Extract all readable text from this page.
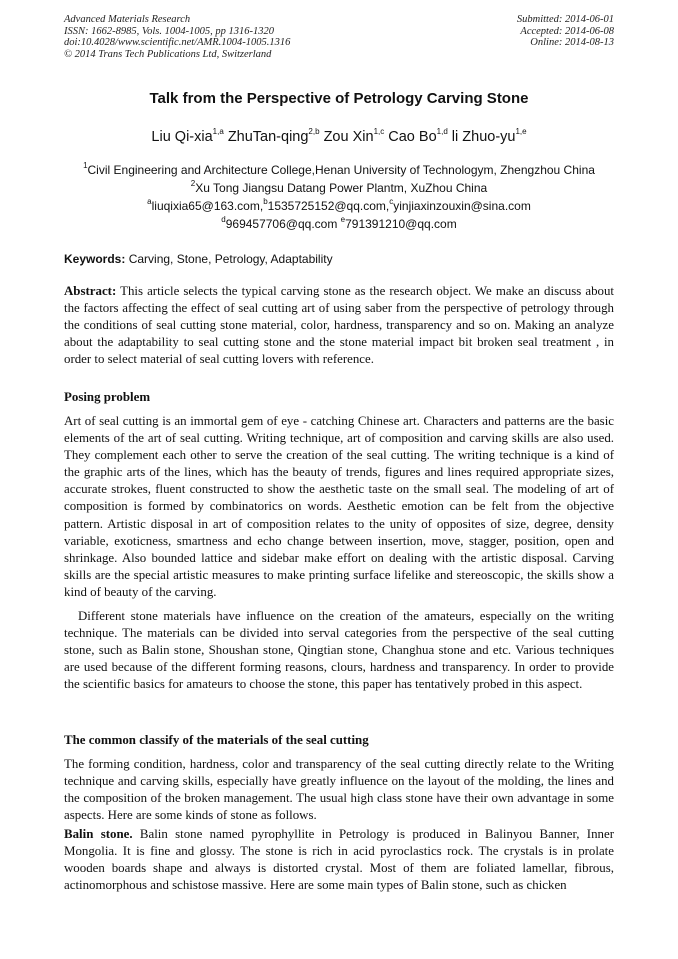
Advanced Materials Research
ISSN: 1662-8985, Vols. 1004-1005, pp 1316-1320
doi:10.4028/www.scientific.net/AMR.1004-1005.1316
© 2014 Trans Tech Publications Ltd, Switzerland
Submitted: 2014-06-01
Accepted: 2014-06-08
Online: 2014-08-13
Talk from the Perspective of Petrology Carving Stone
Liu Qi-xia$^{1,a}$ ZhuTan-qing$^{2,b}$ Zou Xin$^{1,c}$ Cao Bo$^{1,d}$ li Zhuo-yu$^{1,e}$
$^1$Civil Engineering and Architecture College,Henan University of Technologym, Zhengzhou China
$^2$Xu Tong Jiangsu Datang Power Plantm, XuZhou China
$^a$liuqixia65@163.com,$^b$1535725152@qq.com,$^c$yinjiaxinzouxin@sina.com
$^d$969457706@qq.com $^e$791391210@qq.com
Keywords: Carving, Stone, Petrology, Adaptability

Abstract: This article selects the typical carving stone as the research object. We make an discuss about the factors affecting the effect of seal cutting art of using saber from the perspective of petrology through the conditions of seal cutting stone material, color, hardness, transparency and so on. Making an analyze about the adaptability to seal cutting stone and the stone material impact bit broken seal treatment , in order to select material of seal cutting lovers with reference.

Posing problem

Art of seal cutting is an immortal gem of eye - catching Chinese art. Characters and patterns are the basic elements of the art of seal cutting. Writing technique, art of composition and carving skills are also used. They complement each other to serve the creation of the seal cutting. The writing technique is a kind of the graphic arts of the lines, which has the beauty of trends, figures and lines required appropriate sizes, accurate strokes, fluent constructed to show the aesthetic taste on the small seal. The modeling of art of composition is formed by combinatorics on words. Aesthetic emotion can be felt from the objective pattern. Artistic disposal in art of composition relates to the unity of opposites of size, degree, density variable, exoticness, smartness and echo change between insertion, move, stagger, position, open and shrinkage. Also bounded lattice and sidebar make effort on dealing with the artistic disposal. Carving skills are the special artistic measures to make printing surface lifelike and stereoscopic, the skills show a kind of beauty of the carving.

Different stone materials have influence on the creation of the amateurs, especially on the writing technique. The materials can be divided into serval categories from the perspective of the seal cutting stone, such as Balin stone, Shoushan stone, Qingtian stone, Changhua stone and etc. Various techniques are used because of the different forming reasons, clours, hardness and transparency. In order to provide the scientific basics for amateurs to choose the stone, this paper has tentatively probed in this aspect.

The common classify of the materials of the seal cutting

The forming condition, hardness, color and transparency of the seal cutting directly relate to the Writing technique and carving skills, especially have greatly influence on the layout of the molding, the lines and the composition of the broken management. The usual high class stone have their own advantage in some aspects. Here are some kinds of stone as follows.

Balin stone. Balin stone named pyrophyllite in Petrology is produced in Balinyou Banner, Inner Mongolia. It is fine and glossy. The stone is rich in acid pyroclastics rock. The crystals is in prolate wooden boards shape and always is distorted crystal. Most of them are foliated lamellar, fibrous, actinomorphous and schistose massive. Here are some main types of Balin stone, such as chicken
